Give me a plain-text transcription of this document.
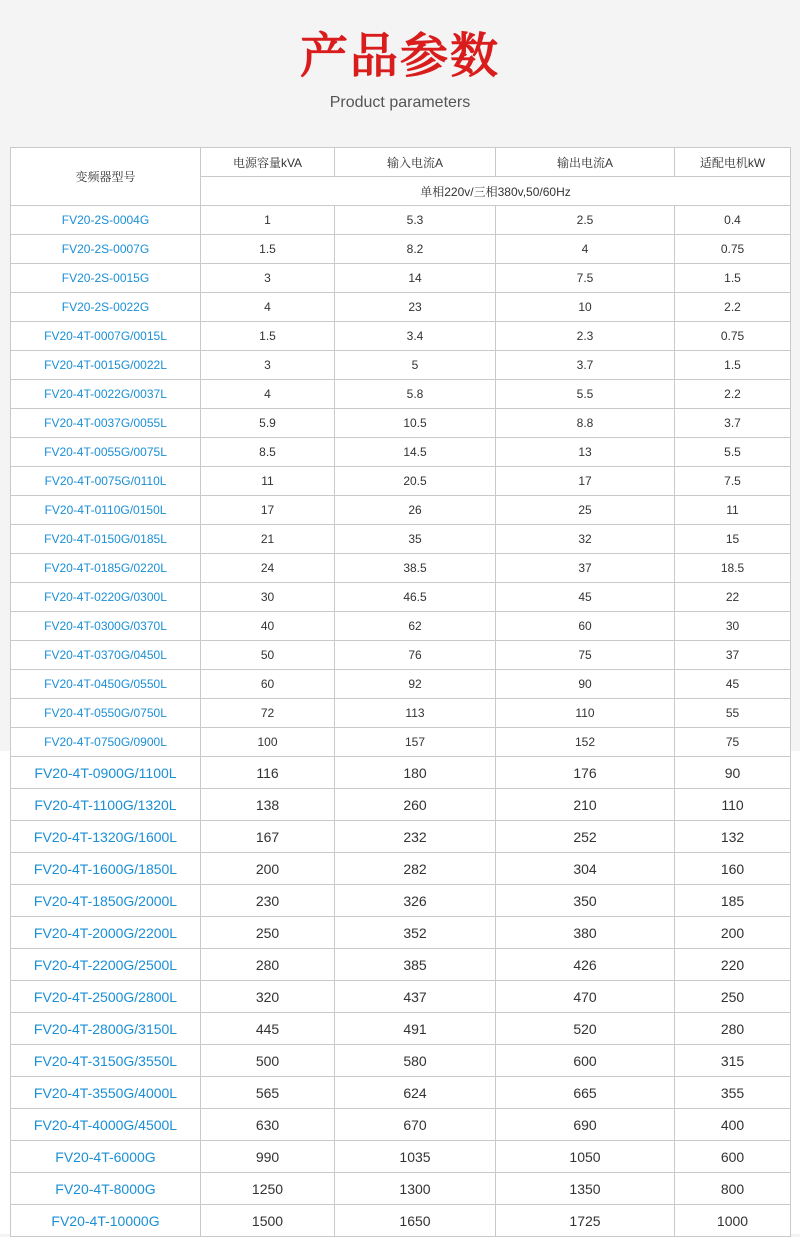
产品参数
Product parameters
变频器型号	电源容量kVA	输入电流A	输出电流A	适配电机kW
	单相220v/三相380v,50/60Hz			
FV20-2S-0004G	1	5.3	2.5	0.4
FV20-2S-0007G	1.5	8.2	4	0.75
FV20-2S-0015G	3	14	7.5	1.5
FV20-2S-0022G	4	23	10	2.2
FV20-4T-0007G/0015L	1.5	3.4	2.3	0.75
FV20-4T-0015G/0022L	3	5	3.7	1.5
FV20-4T-0022G/0037L	4	5.8	5.5	2.2
FV20-4T-0037G/0055L	5.9	10.5	8.8	3.7
FV20-4T-0055G/0075L	8.5	14.5	13	5.5
FV20-4T-0075G/0110L	11	20.5	17	7.5
FV20-4T-0110G/0150L	17	26	25	11
FV20-4T-0150G/0185L	21	35	32	15
FV20-4T-0185G/0220L	24	38.5	37	18.5
FV20-4T-0220G/0300L	30	46.5	45	22
FV20-4T-0300G/0370L	40	62	60	30
FV20-4T-0370G/0450L	50	76	75	37
FV20-4T-0450G/0550L	60	92	90	45
FV20-4T-0550G/0750L	72	113	110	55
FV20-4T-0750G/0900L	100	157	152	75
FV20-4T-0900G/1100L	116	180	176	90
FV20-4T-1100G/1320L	138	260	210	110
FV20-4T-1320G/1600L	167	232	252	132
FV20-4T-1600G/1850L	200	282	304	160
FV20-4T-1850G/2000L	230	326	350	185
FV20-4T-2000G/2200L	250	352	380	200
FV20-4T-2200G/2500L	280	385	426	220
FV20-4T-2500G/2800L	320	437	470	250
FV20-4T-2800G/3150L	445	491	520	280
FV20-4T-3150G/3550L	500	580	600	315
FV20-4T-3550G/4000L	565	624	665	355
FV20-4T-4000G/4500L	630	670	690	400
FV20-4T-6000G	990	1035	1050	600
FV20-4T-8000G	1250	1300	1350	800
FV20-4T-10000G	1500	1650	1725	1000
